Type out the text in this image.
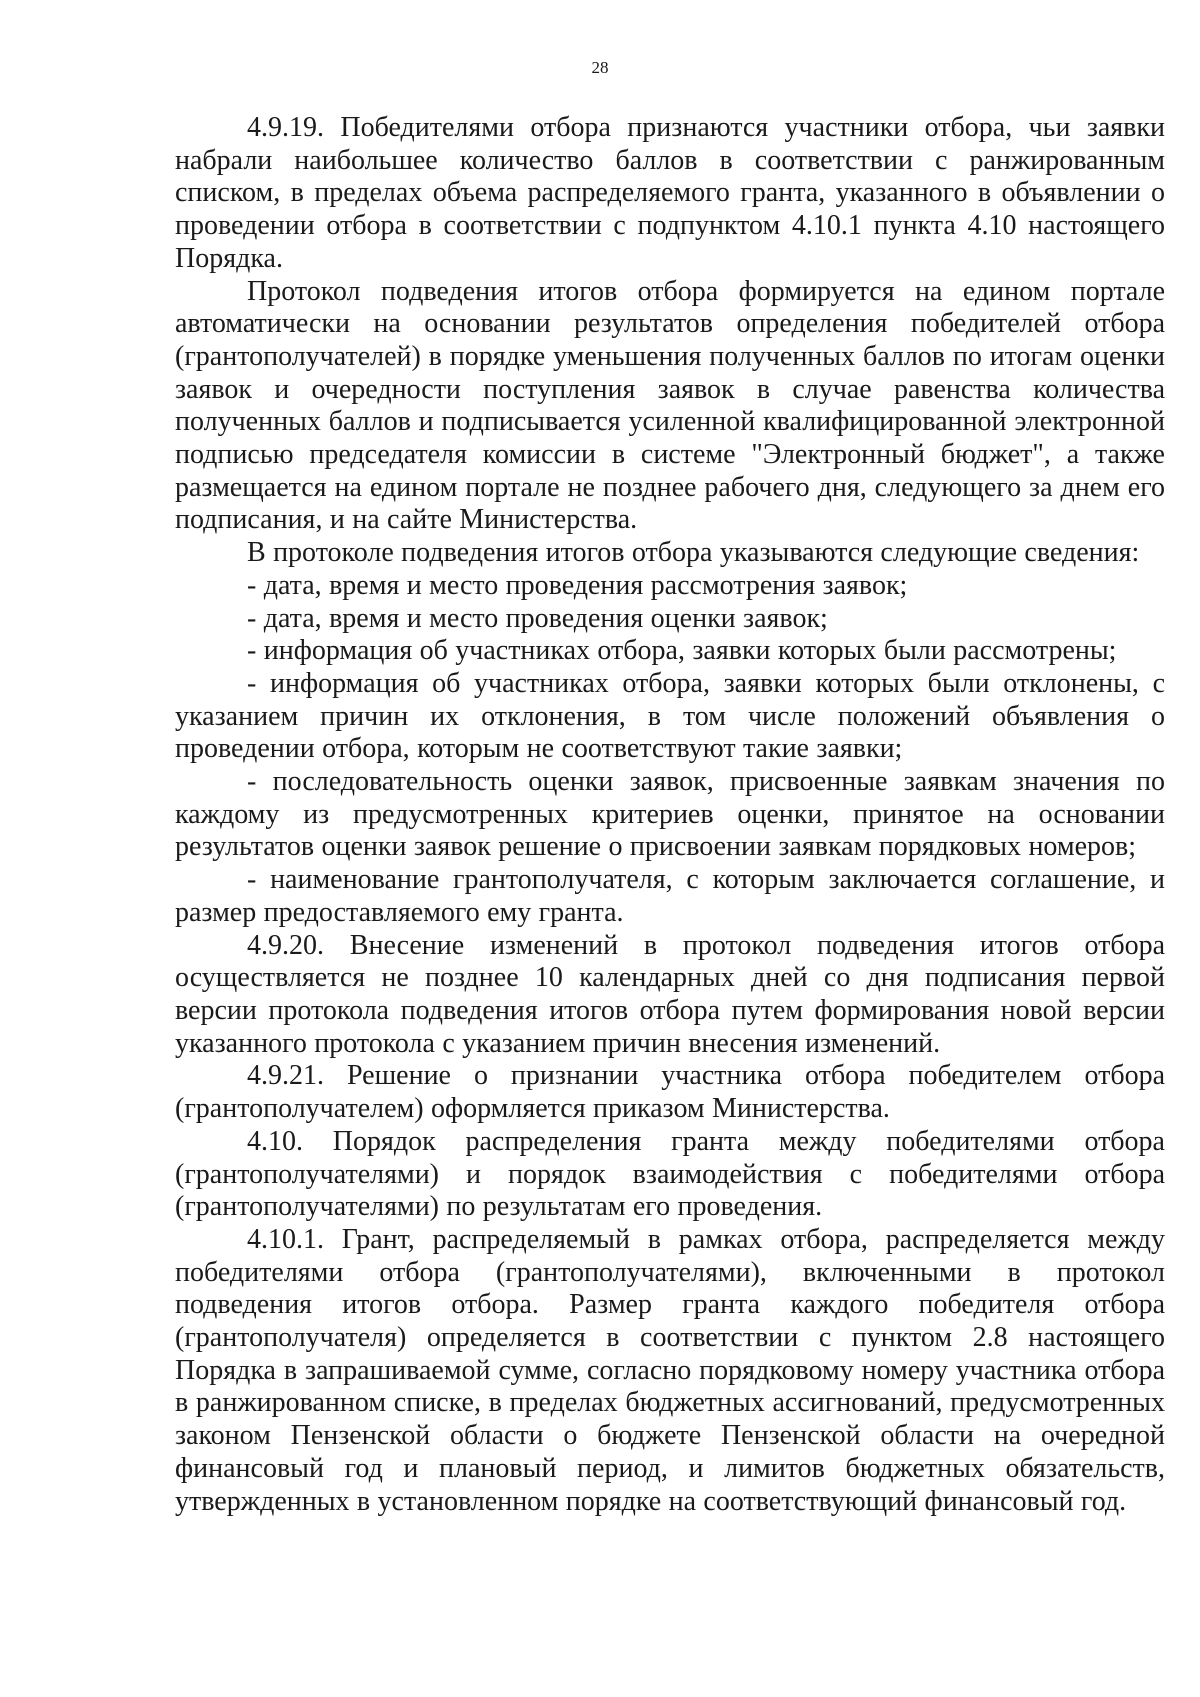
28

4.9.19. Победителями отбора признаются участники отбора, чьи заявки набрали наибольшее количество баллов в соответствии с ранжированным списком, в пределах объема распределяемого гранта, указанного в объявлении о проведении отбора в соответствии с подпунктом 4.10.1 пункта 4.10 настоящего Порядка.

Протокол подведения итогов отбора формируется на едином портале автоматически на основании результатов определения победителей отбора (грантополучателей) в порядке уменьшения полученных баллов по итогам оценки заявок и очередности поступления заявок в случае равенства количества полученных баллов и подписывается усиленной квалифицированной электронной подписью председателя комиссии в системе "Электронный бюджет", а также размещается на едином портале не позднее рабочего дня, следующего за днем его подписания, и на сайте Министерства.

В протоколе подведения итогов отбора указываются следующие сведения:

- дата, время и место проведения рассмотрения заявок;

- дата, время и место проведения оценки заявок;

- информация об участниках отбора, заявки которых были рассмотрены;

- информация об участниках отбора, заявки которых были отклонены, с указанием причин их отклонения, в том числе положений объявления о проведении отбора, которым не соответствуют такие заявки;

- последовательность оценки заявок, присвоенные заявкам значения по каждому из предусмотренных критериев оценки, принятое на основании результатов оценки заявок решение о присвоении заявкам порядковых номеров;

- наименование грантополучателя, с которым заключается соглашение, и размер предоставляемого ему гранта.

4.9.20. Внесение изменений в протокол подведения итогов отбора осуществляется не позднее 10 календарных дней со дня подписания первой версии протокола подведения итогов отбора путем формирования новой версии указанного протокола с указанием причин внесения изменений.

4.9.21. Решение о признании участника отбора победителем отбора (грантополучателем) оформляется приказом Министерства.

4.10. Порядок распределения гранта между победителями отбора (грантополучателями) и порядок взаимодействия с победителями отбора (грантополучателями) по результатам его проведения.

4.10.1. Грант, распределяемый в рамках отбора, распределяется между победителями отбора (грантополучателями), включенными в протокол подведения итогов отбора. Размер гранта каждого победителя отбора (грантополучателя) определяется в соответствии с пунктом 2.8 настоящего Порядка в запрашиваемой сумме, согласно порядковому номеру участника отбора в ранжированном списке, в пределах бюджетных ассигнований, предусмотренных законом Пензенской области о бюджете Пензенской области на очередной финансовый год и плановый период, и лимитов бюджетных обязательств, утвержденных в установленном порядке на соответствующий финансовый год.
